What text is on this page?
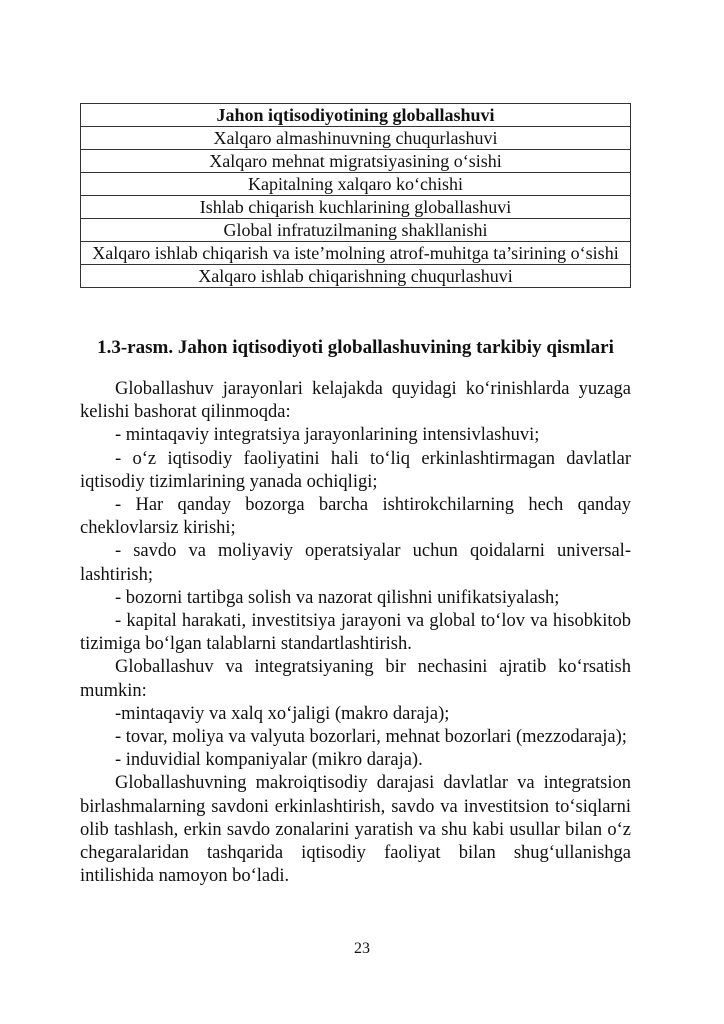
Jahon iqtisodiyotining globallashuvi
Xalqaro almashinuvning chuqurlashuvi
Xalqaro mehnat migratsiyasining o‘sishi
Kapitalning xalqaro ko‘chishi
Ishlab chiqarish kuchlarining globallashuvi
Global infratuzilmaning shakllanishi
Xalqaro ishlab chiqarish va iste’molning atrof-muhitga ta’sirining o‘sishi
Xalqaro ishlab chiqarishning chuqurlashuvi

1.3-rasm. Jahon iqtisodiyoti globallashuvining tarkibiy qismlari

Globallashuv jarayonlari kelajakda quyidagi ko‘rinishlarda yuzaga kelishi bashorat qilinmoqda:

- mintaqaviy integratsiya jarayonlarining intensivlashuvi;

- o‘z iqtisodiy faoliyatini hali to‘liq erkinlashtirmagan davlatlar iqtisodiy tizimlarining yanada ochiqligi;

- Har qanday bozorga barcha ishtirokchilarning hech qanday cheklovlarsiz kirishi;

- savdo va moliyaviy operatsiyalar uchun qoidalarni universallashtirish;

- bozorni tartibga solish va nazorat qilishni unifikatsiyalash;

- kapital harakati, investitsiya jarayoni va global to‘lov va hisobkitob tizimiga bo‘lgan talablarni standartlashtirish.

Globallashuv va integratsiyaning bir nechasini ajratib ko‘rsatish mumkin:

-mintaqaviy va xalq xo‘jaligi (makro daraja);

- tovar, moliya va valyuta bozorlari, mehnat bozorlari (mezzodaraja);

- induvidial kompaniyalar (mikro daraja).

Globallashuvning makroiqtisodiy darajasi davlatlar va integratsion birlashmalarning savdoni erkinlashtirish, savdo va investitsion to‘siqlarni olib tashlash, erkin savdo zonalarini yaratish va shu kabi usullar bilan o‘z chegaralaridan tashqarida iqtisodiy faoliyat bilan shug‘ullanishga intilishida namoyon bo‘ladi.

23
